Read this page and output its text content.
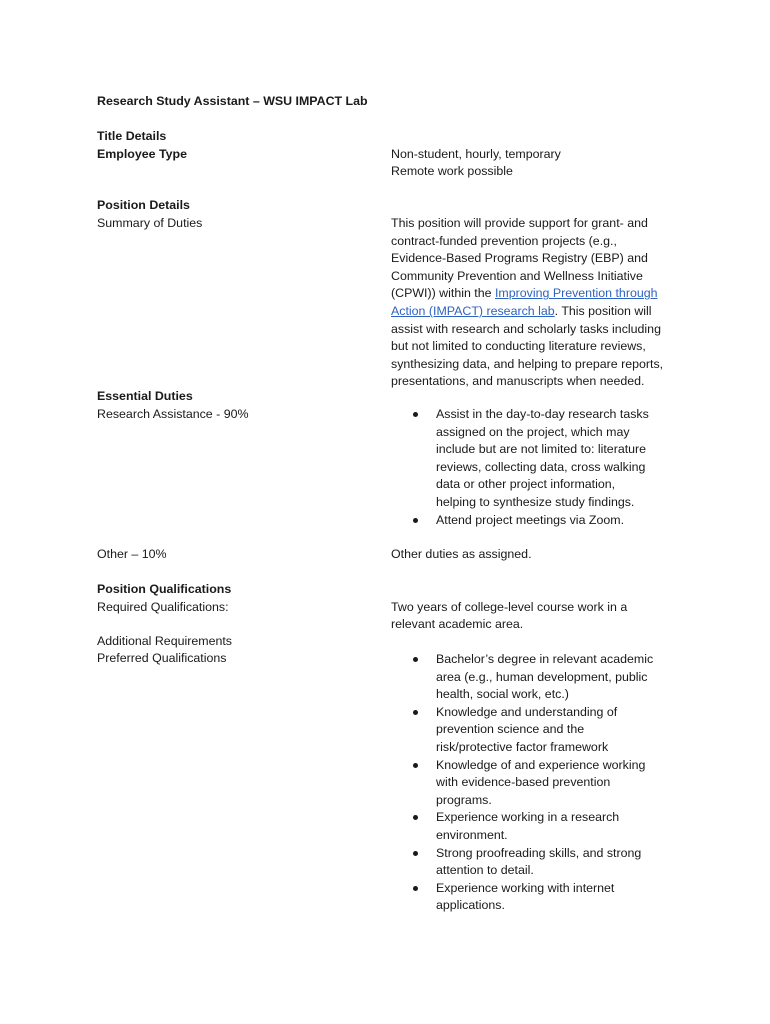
Research Study Assistant – WSU IMPACT Lab
Title Details
Employee Type	Non-student, hourly, temporary
Remote work possible
Position Details
Summary of Duties	This position will provide support for grant- and
contract-funded prevention projects (e.g.,
Evidence-Based Programs Registry (EBP) and
Community Prevention and Wellness Initiative
(CPWI)) within the Improving Prevention through
Action (IMPACT) research lab. This position will
assist with research and scholarly tasks including
but not limited to conducting literature reviews,
synthesizing data, and helping to prepare reports,
presentations, and manuscripts when needed.
Essential Duties
Research Assistance - 90%	Assist in the day-to-day research tasks
assigned on the project, which may
include but are not limited to: literature
reviews, collecting data, cross walking
data or other project information,
helping to synthesize study findings.
Attend project meetings via Zoom.
Other – 10%	Other duties as assigned.
Position Qualifications
Required Qualifications:	Two years of college-level course work in a
relevant academic area.
Additional Requirements
Preferred Qualifications	Bachelor’s degree in relevant academic
area (e.g., human development, public
health, social work, etc.)
Knowledge and understanding of
prevention science and the
risk/protective factor framework
Knowledge of and experience working
with evidence-based prevention
programs.
Experience working in a research
environment.
Strong proofreading skills, and strong
attention to detail.
Experience working with internet
applications.
